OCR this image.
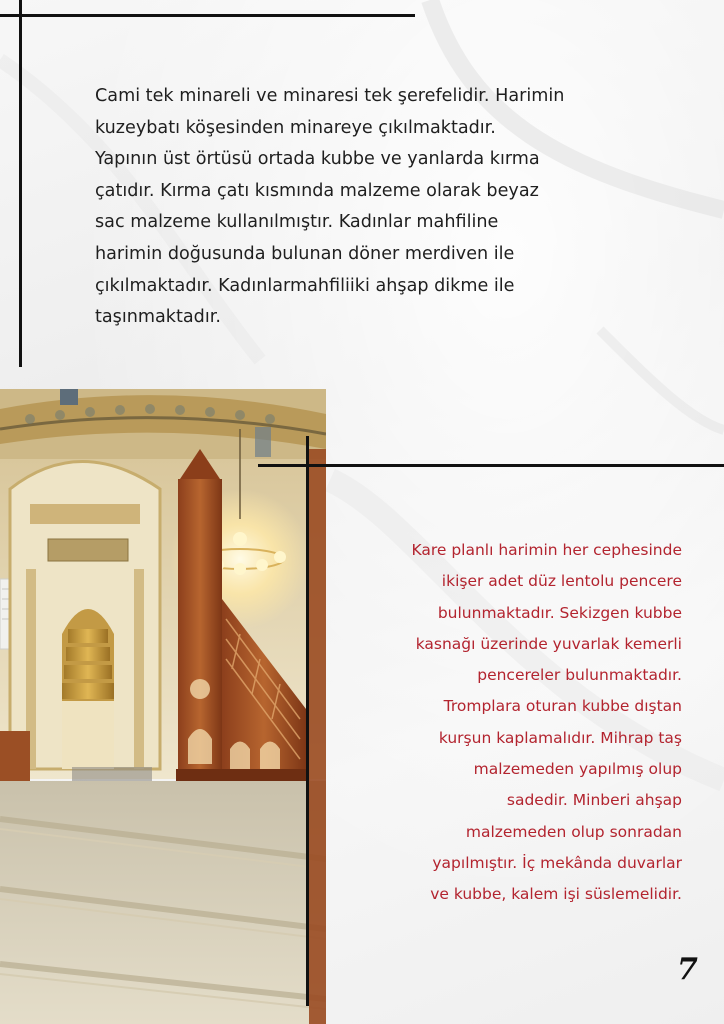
Cami tek minareli ve minaresi tek şerefelidir. Harimin
kuzeybatı köşesinden minareye çıkılmaktadır.
Yapının üst örtüsü ortada kubbe ve yanlarda kırma
çatıdır. Kırma çatı kısmında malzeme olarak beyaz
sac malzeme kullanılmıştır. Kadınlar mahfiline
harimin doğusunda bulunan döner merdiven ile
çıkılmaktadır. Kadınlarmahfiliiki ahşap dikme ile
taşınmaktadır.
Kare planlı harimin her cephesinde
ikişer adet düz lentolu pencere
bulunmaktadır. Sekizgen kubbe
kasnağı üzerinde yuvarlak kemerli
pencereler bulunmaktadır.
Tromplara oturan kubbe dıştan
kurşun kaplamalıdır. Mihrap taş
malzemeden yapılmış olup
sadedir. Minberi ahşap
malzemeden olup sonradan
yapılmıştır. İç mekânda duvarlar
ve kubbe, kalem işi süslemelidir.
7
